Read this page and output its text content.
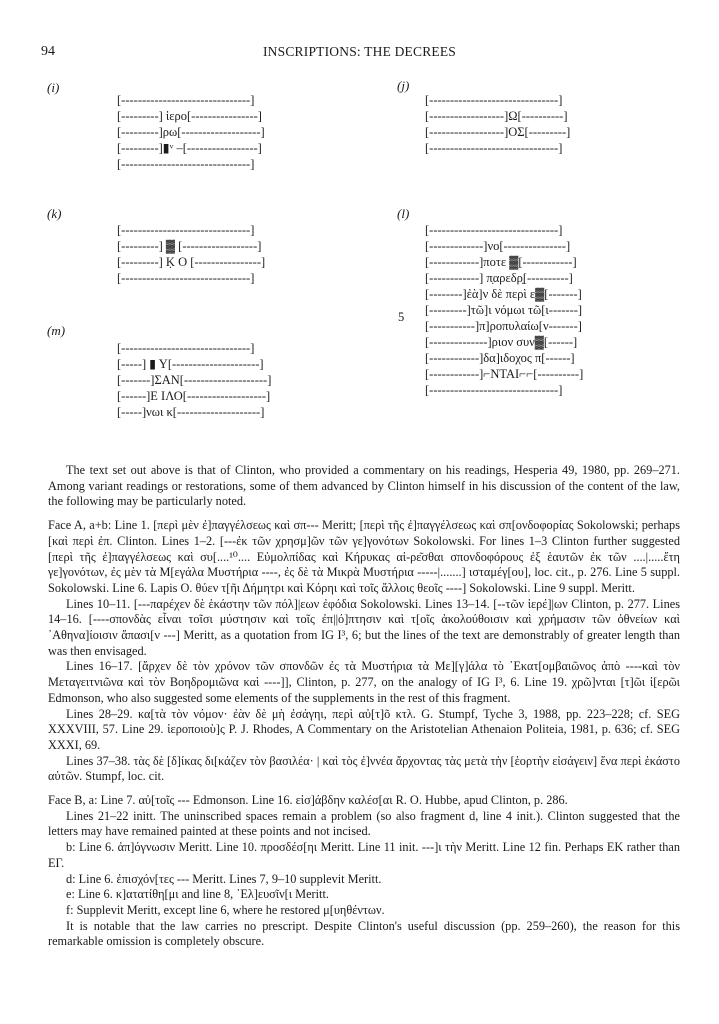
94	INSCRIPTIONS: THE DECREES
(i)
[-------------------------------]
[---------] ἱερο[----------------]
[---------]ρω[-------------------]
[---------]▮ᵛ –[-----------------]
[-------------------------------]
(j)
[-------------------------------]
[------------------]Ω[----------]
[------------------]ΟΣ[---------]
[-------------------------------]
(k)
[-------------------------------]
[---------] ▓ [------------------]
[---------] Ḳ Ο [----------------]
[-------------------------------]
(l)
5
[-------------------------------]
[-------------]νο[---------------]
[------------]ποτε ▓[------------]
[------------] π̣αρεδρ̣[----------]
[--------]ἐὰ]ν δὲ περὶ ε▓[-------]
[---------]τῶ]ι νόμωι τῶ[ι-------]
[-----------]π]ροπυλαίω[ν-------]
[--------------]ριον συν▓[------]
[------------]δα]ιδοχος π[------]
[------------]⌐ΝΤΑΙ⌐⌐[----------]
[-------------------------------]
(m)
[-------------------------------]
[-----] ▮ Υ[---------------------]
[-------]ΣΑΝ[--------------------]
[------]Ε ΙΛΟ[-------------------]
[-----]νωι κ[--------------------]

The text set out above is that of Clinton, who provided a commentary on his readings, Hesperia 49, 1980, pp. 269–271. Among variant readings or restorations, some of them advanced by Clinton himself in his discussion of the content of the law, the following may be particularly noted.

Face A, a+b: Line 1. [περὶ μὲν ἐ]παγγέλσεως καὶ σπ--- Meritt; [περὶ τῆς ἐ]παγγέλσεως καὶ σπ[ονδοφορίας Sokolowski; perhaps [καὶ περὶ ἐπ. Clinton. Lines 1–2. [---ἐκ τῶν χρησμ]ῶν τῶν γε]γονότων Sokolowski. For lines 1–3 Clinton further suggested [περὶ τῆς ἐ]παγγέλσεως καὶ συ[....¹⁰.... Εὐμολπίδας καὶ Κήρυκας αἱ-ρε͂σθαι σπονδοφόρους ἐξ ἑαυτῶν ἐκ τῶν ....|.....ἔτη γε]γονότων, ἐς μὲν τὰ Μ[εγάλα Μυστήρια ----, ἐς δὲ τὰ Μικρὰ Μυστήρια -----|.......] ισταμέγ[ου], loc. cit., p. 276. Line 5 suppl. Sokolowski. Line 6. Lapis Ο. θύεν τ[ῆι Δήμητρι καὶ Κόρηι καὶ τοῖς ἄλλοις θεοῖς ----] Sokolowski. Line 9 suppl. Meritt.

Lines 10–11. [---παρέχεν δὲ ἑκάστην τῶν πόλ]|εων ἐφόδια Sokolowski. Lines 13–14. [--τῶν ἱερέ]|ων Clinton, p. 277. Lines 14–16. [----σπονδὰς εἶναι τοῖσι μύστησιν καὶ τοῖς ἐπ||ό]πτησιν καὶ τ[οῖς ἀκολούθοισιν καὶ χρήμασιν τῶν ὀθνείων καὶ ᾿Αθηνα]ίοισιν ἅπασι[ν ---] Meritt, as a quotation from IG I³, 6; but the lines of the text are demonstrably of greater length than was then envisaged.

Lines 16–17. [ἄρχεν δὲ τὸν χρόνον τῶν σπονδῶν ἐς τὰ Μυστήρια τὰ Με][γ]άλα τὸ ᾿Εκατ[ομβαιῶνος ἀπὸ ----καὶ τὸν Μεταγειτνιῶνα καὶ τὸν Βοηδρομιῶνα καὶ ----]], Clinton, p. 277, on the analogy of IG I³, 6. Line 19. χρῶ]νται [τ]ῶι ἱ[ερῶι Edmonson, who also suggested some elements of the supplements in the rest of this fragment.

Lines 28–29. κα[τὰ τὸν νόμον· ἐὰν δὲ μὴ ἐσάγηι, περὶ αὐ[τ]õ κτλ. G. Stumpf, Tyche 3, 1988, pp. 223–228; cf. SEG XXXVIII, 57. Line 29. ἱεροποιοὺ]ς P. J. Rhodes, A Commentary on the Aristotelian Athenaion Politeia, 1981, p. 636; cf. SEG XXXI, 69.

Lines 37–38. τὰς δὲ [δ]ίκας δι[κάζεν τὸν βασιλέα· | καὶ τὸς ἐ]ννέα ἄρχοντας τὰς μετὰ τὴν [ἑορτὴν εἰσάγειν] ἕνα περὶ ἑκάστο αὐτῶν. Stumpf, loc. cit.

Face B, a: Line 7. αὐ[τοῖς --- Edmonson. Line 16. εἰσ]άβδην καλέσ[αι R. O. Hubbe, apud Clinton, p. 286.

Lines 21–22 initt. The uninscribed spaces remain a problem (so also fragment d, line 4 init.). Clinton suggested that the letters may have remained painted at these points and not incised.

b: Line 6. ἀπ]όγνωσιν Meritt. Line 10. προσδέσ[ηι Meritt. Line 11 init. ---]ι τὴν Meritt. Line 12 fin. Perhaps ΕΚ rather than ΕΓ.

d: Line 6. ἐπισχόν[τες --- Meritt. Lines 7, 9–10 supplevit Meritt.

e: Line 6. κ]ατατίθη[μι and line 8, ᾿Ελ]ευσῖν[ι Meritt.

f: Supplevit Meritt, except line 6, where he restored μ[υηθέντων.

It is notable that the law carries no prescript. Despite Clinton's useful discussion (pp. 259–260), the reason for this remarkable omission is completely obscure.
